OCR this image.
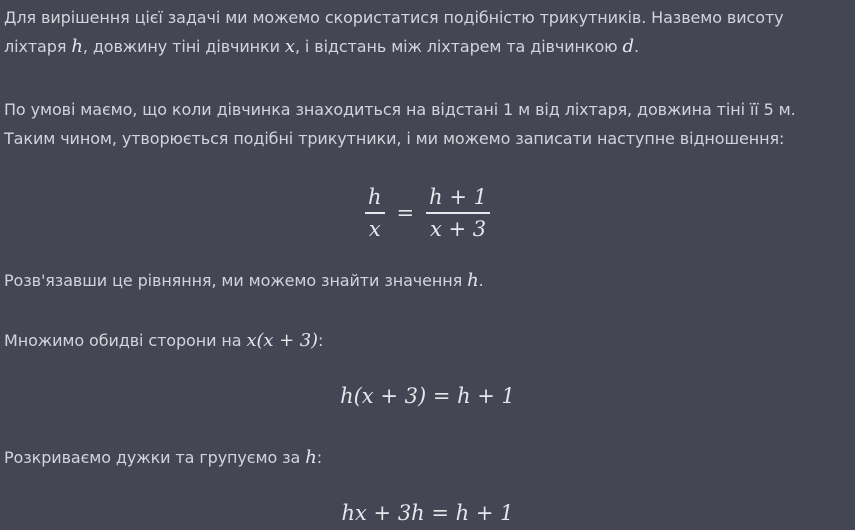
Для вирішення цієї задачі ми можемо скористатися подібністю трикутників. Назвемо висоту
ліхтаря h, довжину тіні дівчинки x, і відстань між ліхтарем та дівчинкою d.

По умові маємо, що коли дівчинка знаходиться на відстані 1 м від ліхтаря, довжина тіні її 5 м.
Таким чином, утворюється подібні трикутники, і ми можемо записати наступне відношення:

$\frac{h}{x} = \frac{h + 1}{x + 3}$

Розв'язавши це рівняння, ми можемо знайти значення h.

Множимо обидві сторони на x(x + 3):

h(x + 3) = h + 1

Розкриваємо дужки та групуємо за h:

hx + 3h = h + 1
